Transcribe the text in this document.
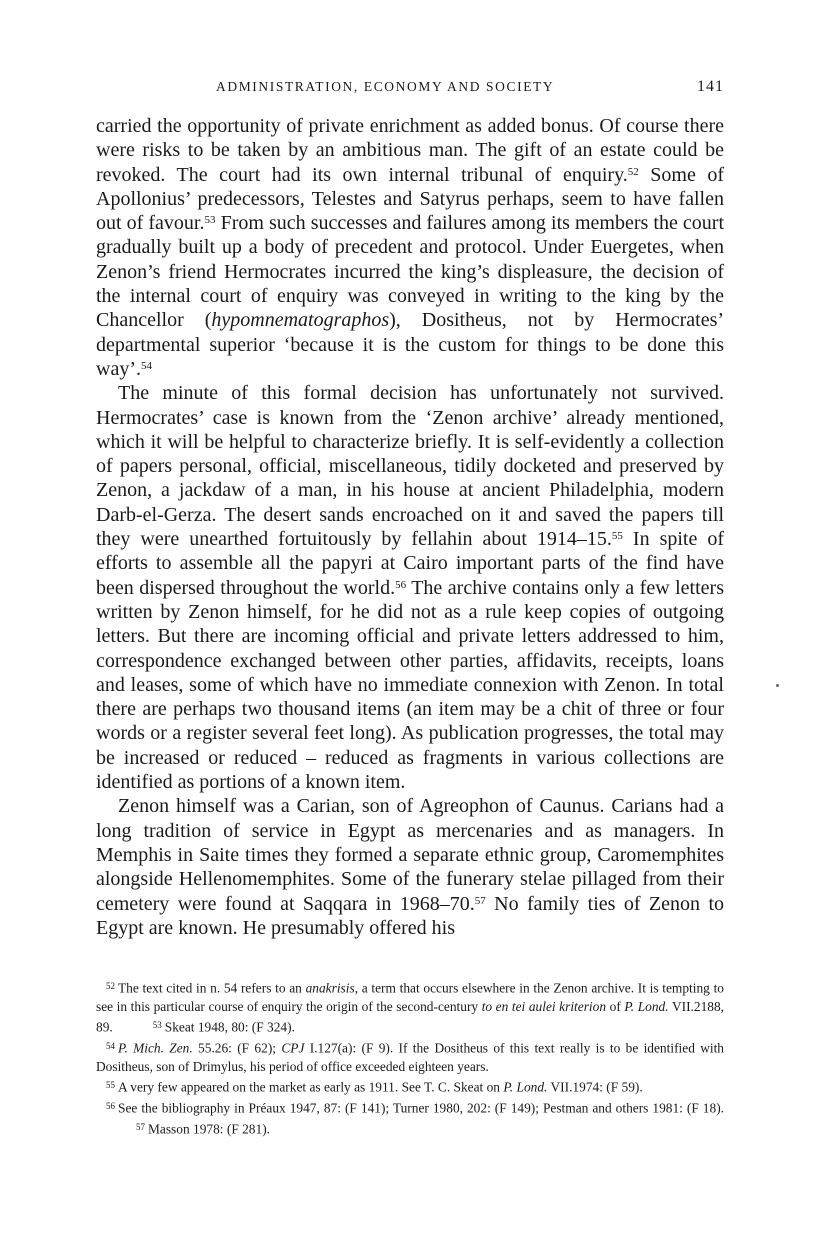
ADMINISTRATION, ECONOMY AND SOCIETY	141

carried the opportunity of private enrichment as added bonus. Of course there were risks to be taken by an ambitious man. The gift of an estate could be revoked. The court had its own internal tribunal of enquiry.$^{52}$ Some of Apollonius’ predecessors, Telestes and Satyrus perhaps, seem to have fallen out of favour.$^{53}$ From such successes and failures among its members the court gradually built up a body of precedent and protocol. Under Euergetes, when Zenon’s friend Hermocrates incurred the king’s displeasure, the decision of the internal court of enquiry was conveyed in writing to the king by the Chancellor (hypomnematographos), Dositheus, not by Hermocrates’ departmental superior ‘because it is the custom for things to be done this way’.$^{54}$

The minute of this formal decision has unfortunately not survived. Hermocrates’ case is known from the ‘Zenon archive’ already mentioned, which it will be helpful to characterize briefly. It is self-evidently a collection of papers personal, official, miscellaneous, tidily docketed and preserved by Zenon, a jackdaw of a man, in his house at ancient Philadelphia, modern Darb-el-Gerza. The desert sands encroached on it and saved the papers till they were unearthed fortuitously by fellahin about 1914–15.55 In spite of efforts to assemble all the papyri at Cairo important parts of the find have been dispersed throughout the world.$^{56}$ The archive contains only a few letters written by Zenon himself, for he did not as a rule keep copies of outgoing letters. But there are incoming official and private letters addressed to him, correspondence exchanged between other parties, affidavits, receipts, loans and leases, some of which have no immediate connexion with Zenon. In total there are perhaps two thousand items (an item may be a chit of three or four words or a register several feet long). As publication progresses, the total may be increased or reduced – reduced as fragments in various collections are identified as portions of a known item.

Zenon himself was a Carian, son of Agreophon of Caunus. Carians had a long tradition of service in Egypt as mercenaries and as managers. In Memphis in Saite times they formed a separate ethnic group, Caromemphites alongside Hellenomemphites. Some of the funerary stelae pillaged from their cemetery were found at Saqqara in 1968–70.57 No family ties of Zenon to Egypt are known. He presumably offered his

$^{52}$ The text cited in n. 54 refers to an anakrisis, a term that occurs elsewhere in the Zenon archive. It is tempting to see in this particular course of enquiry the origin of the second-century to en tei aulei kriterion of P. Lond. VII.2188, 89.	$^{53}$ Skeat 1948, 80: (F 324).

$^{54}$ P. Mich. Zen. 55.26: (F 62); CPJ I.127(a): (F 9). If the Dositheus of this text really is to be identified with Dositheus, son of Drimylus, his period of office exceeded eighteen years.

$^{55}$ A very few appeared on the market as early as 1911. See T. C. Skeat on P. Lond. VII.1974: (F 59).

$^{56}$ See the bibliography in Préaux 1947, 87: (F 141); Turner 1980, 202: (F 149); Pestman and others 1981: (F 18).$^{57}$ Masson 1978: (F 281).
